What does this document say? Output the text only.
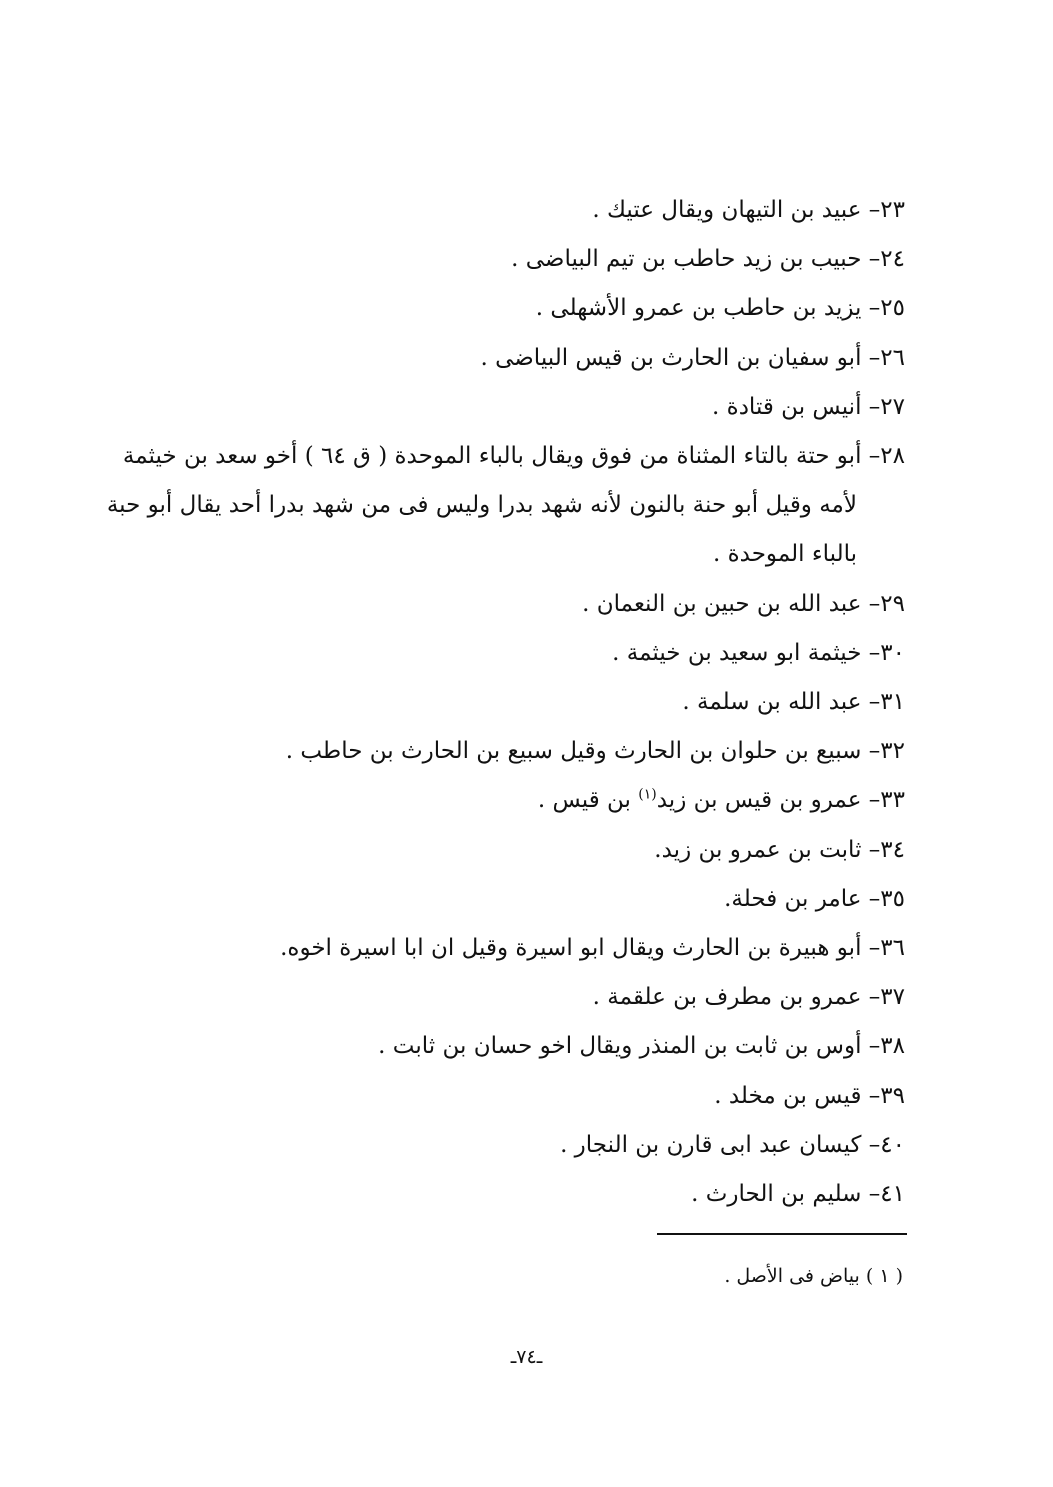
٢٣– عبيد بن التيهان ويقال عتيك .
٢٤– حبيب بن زيد حاطب بن تيم البياضى .
٢٥– يزيد بن حاطب بن عمرو الأشهلى .
٢٦– أبو سفيان بن الحارث بن قيس البياضى .
٢٧– أنيس بن قتادة .
٢٨– أبو حتة بالتاء المثناة من فوق ويقال بالباء الموحدة ( ق ٦٤ ) أخو سعد بن خيثمة
لأمه وقيل أبو حنة بالنون لأنه شهد بدرا وليس فى من شهد بدرا أحد يقال أبو حبة
بالباء الموحدة .
٢٩– عبد الله بن حبين بن النعمان .
٣٠– خيثمة ابو سعيد بن خيثمة .
٣١– عبد الله بن سلمة .
٣٢– سبيع بن حلوان بن الحارث وقيل سبيع بن الحارث بن حاطب .
٣٣– عمرو بن قيس بن زيد$^{(١)}$ بن قيس .
٣٤– ثابت بن عمرو بن زيد.
٣٥– عامر بن فحلة.
٣٦– أبو هبيرة بن الحارث ويقال ابو اسيرة وقيل ان ابا اسيرة اخوه.
٣٧– عمرو بن مطرف بن علقمة .
٣٨– أوس بن ثابت بن المنذر ويقال اخو حسان بن ثابت .
٣٩– قيس بن مخلد .
٤٠– كيسان عبد ابى قارن بن النجار .
٤١– سليم بن الحارث .
( ١ ) بياض فى الأصل .
ـ٧٤ـ
